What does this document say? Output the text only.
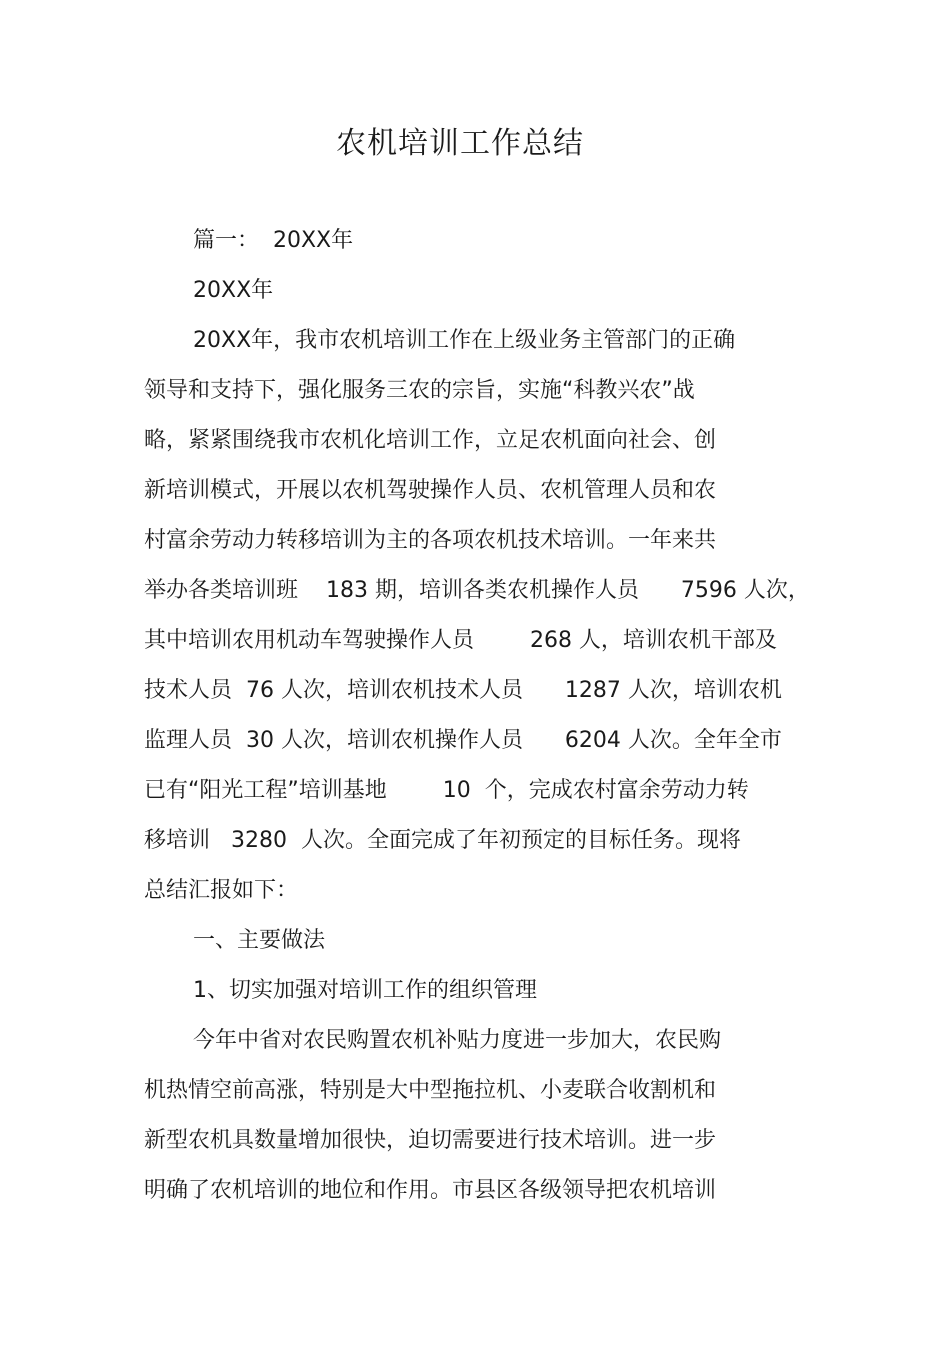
农机培训工作总结

篇一：  20XX年

20XX年

20XX年，我市农机培训工作在上级业务主管部门的正确

领导和支持下，强化服务三农的宗旨，实施“科教兴农”战

略，紧紧围绕我市农机化培训工作，立足农机面向社会、创

新培训模式，开展以农机驾驶操作人员、农机管理人员和农

村富余劳动力转移培训为主的各项农机技术培训。一年来共

举办各类培训班    183 期，培训各类农机操作人员      7596 人次，

其中培训农用机动车驾驶操作人员        268 人，培训农机干部及

技术人员  76 人次，培训农机技术人员      1287 人次，培训农机

监理人员  30 人次，培训农机操作人员      6204 人次。全年全市

已有“阳光工程”培训基地        10  个，完成农村富余劳动力转

移培训   3280  人次。全面完成了年初预定的目标任务。现将

总结汇报如下：

一、主要做法

1、切实加强对培训工作的组织管理

今年中省对农民购置农机补贴力度进一步加大，农民购

机热情空前高涨，特别是大中型拖拉机、小麦联合收割机和

新型农机具数量增加很快，迫切需要进行技术培训。进一步

明确了农机培训的地位和作用。市县区各级领导把农机培训
